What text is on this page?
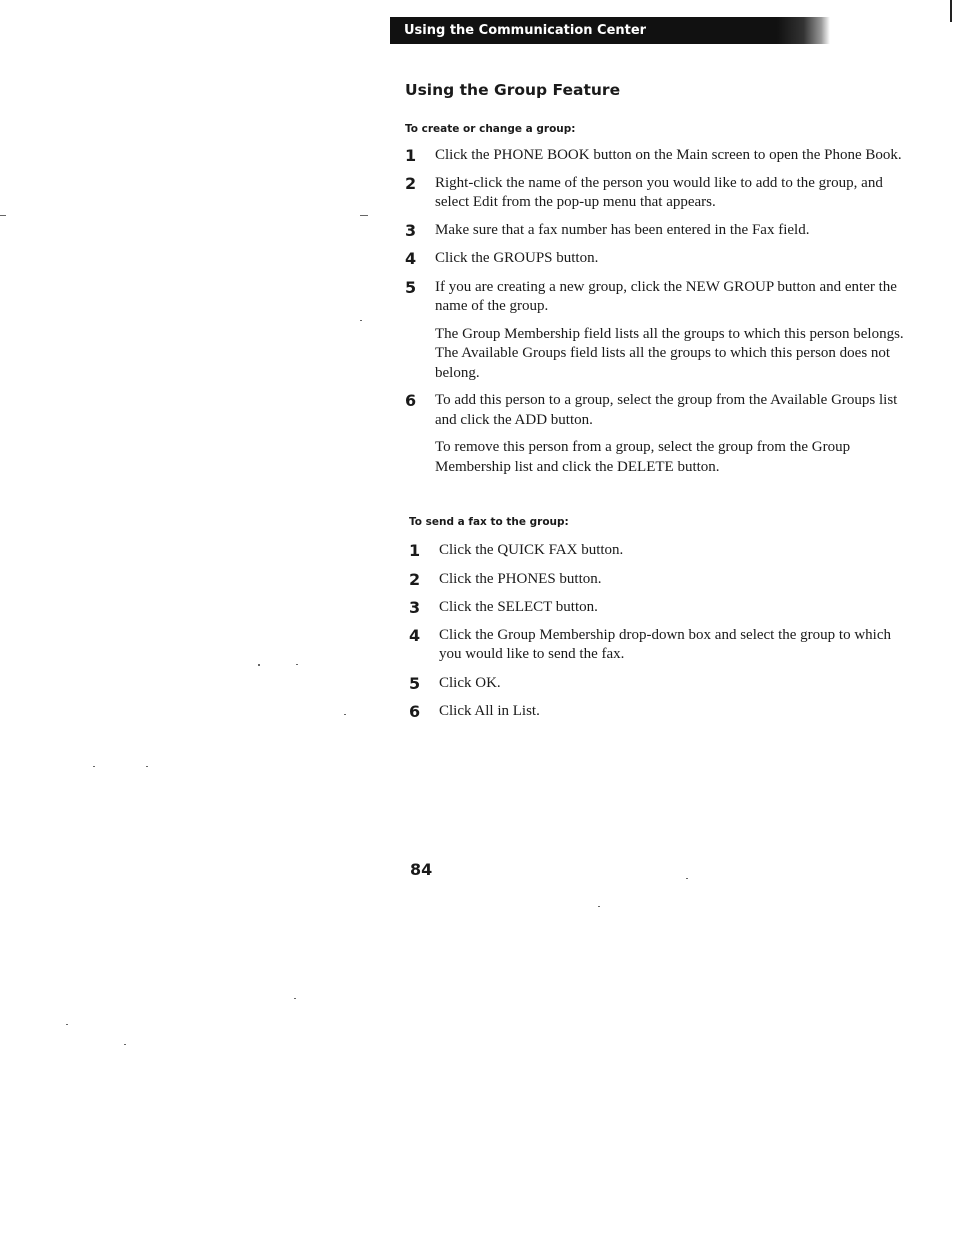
Using the Communication Center
Using the Group Feature
To create or change a group:
1 Click the PHONE BOOK button on the Main screen to open the Phone Book.
2 Right-click the name of the person you would like to add to the group, and select Edit from the pop-up menu that appears.
3 Make sure that a fax number has been entered in the Fax field.
4 Click the GROUPS button.
5 If you are creating a new group, click the NEW GROUP button and enter the name of the group.
The Group Membership field lists all the groups to which this person belongs. The Available Groups field lists all the groups to which this person does not belong.
6 To add this person to a group, select the group from the Available Groups list and click the ADD button.
To remove this person from a group, select the group from the Group Membership list and click the DELETE button.
To send a fax to the group:
1 Click the QUICK FAX button.
2 Click the PHONES button.
3 Click the SELECT button.
4 Click the Group Membership drop-down box and select the group to which you would like to send the fax.
5 Click OK.
6 Click All in List.
84
